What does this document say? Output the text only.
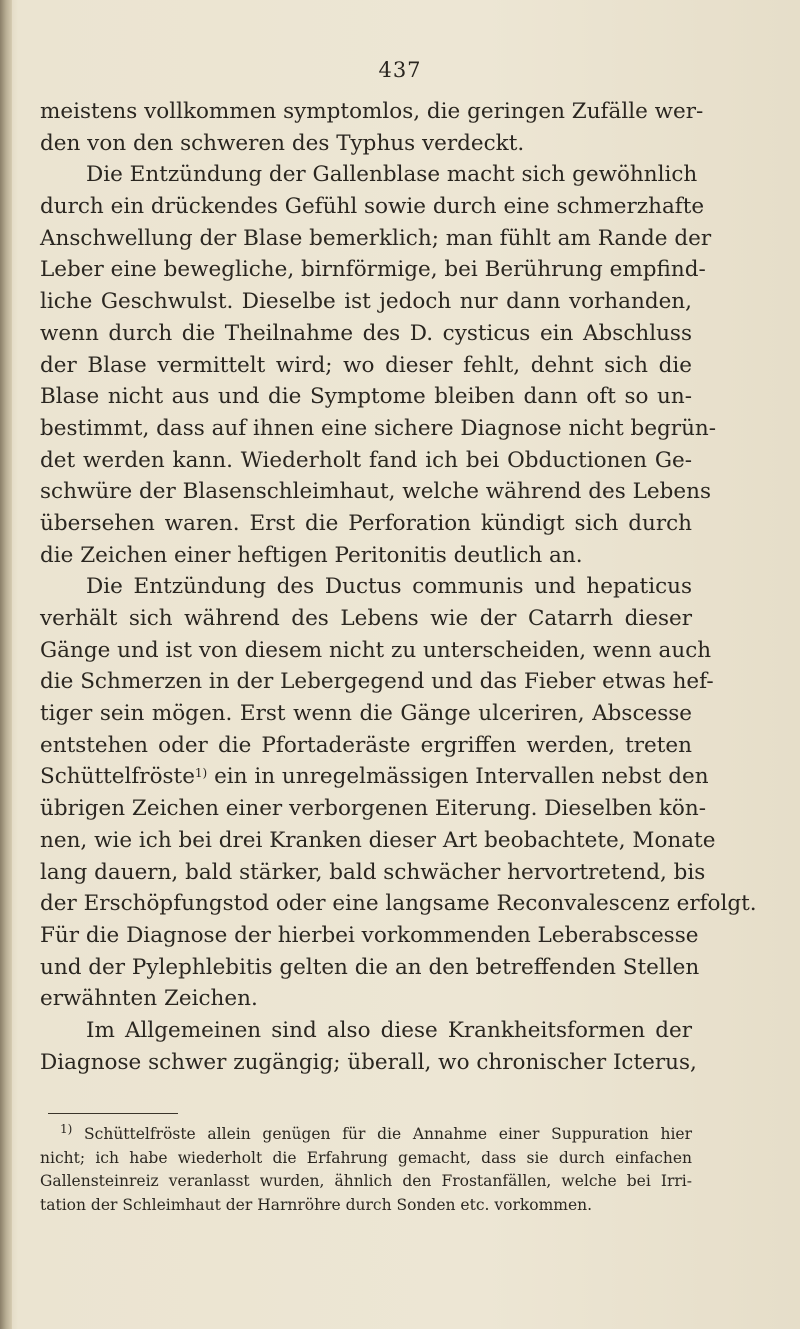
437
meistens vollkommen symptomlos, die geringen Zufälle wer-
den von den schweren des Typhus verdeckt.
Die Entzündung der Gallenblase macht sich gewöhnlich
durch ein drückendes Gefühl sowie durch eine schmerzhafte
Anschwellung der Blase bemerklich; man fühlt am Rande der
Leber eine bewegliche, birnförmige, bei Berührung empfind-
liche Geschwulst. Dieselbe ist jedoch nur dann vorhanden,
wenn durch die Theilnahme des D. cysticus ein Abschluss
der Blase vermittelt wird; wo dieser fehlt, dehnt sich die
Blase nicht aus und die Symptome bleiben dann oft so un-
bestimmt, dass auf ihnen eine sichere Diagnose nicht begrün-
det werden kann. Wiederholt fand ich bei Obductionen Ge-
schwüre der Blasenschleimhaut, welche während des Lebens
übersehen waren. Erst die Perforation kündigt sich durch
die Zeichen einer heftigen Peritonitis deutlich an.
Die Entzündung des Ductus communis und hepaticus
verhält sich während des Lebens wie der Catarrh dieser
Gänge und ist von diesem nicht zu unterscheiden, wenn auch
die Schmerzen in der Lebergegend und das Fieber etwas hef-
tiger sein mögen. Erst wenn die Gänge ulceriren, Abscesse
entstehen oder die Pfortaderäste ergriffen werden, treten
Schüttelfröste$^{1)}$ ein in unregelmässigen Intervallen nebst den
übrigen Zeichen einer verborgenen Eiterung. Dieselben kön-
nen, wie ich bei drei Kranken dieser Art beobachtete, Monate
lang dauern, bald stärker, bald schwächer hervortretend, bis
der Erschöpfungstod oder eine langsame Reconvalescenz erfolgt.
Für die Diagnose der hierbei vorkommenden Leberabscesse
und der Pylephlebitis gelten die an den betreffenden Stellen
erwähnten Zeichen.
Im Allgemeinen sind also diese Krankheitsformen der
Diagnose schwer zugängig; überall, wo chronischer Icterus,
$^{1)}$ Schüttelfröste allein genügen für die Annahme einer Suppuration hier
nicht; ich habe wiederholt die Erfahrung gemacht, dass sie durch einfachen
Gallensteinreiz veranlasst wurden, ähnlich den Frostanfällen, welche bei Irri-
tation der Schleimhaut der Harnröhre durch Sonden etc. vorkommen.
